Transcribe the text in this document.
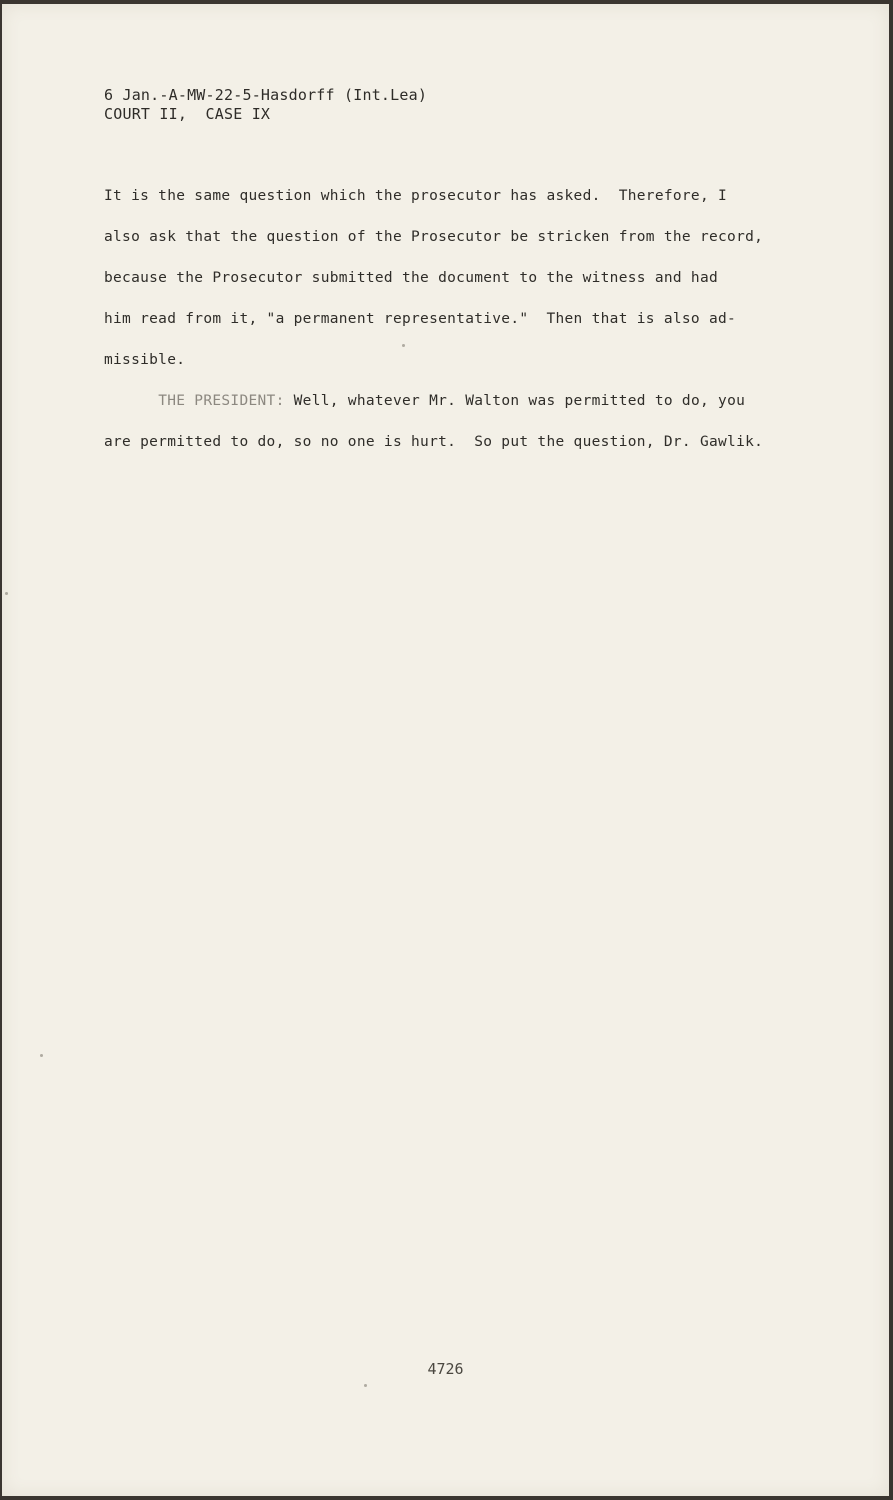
6 Jan.-A-MW-22-5-Hasdorff (Int.Lea)
COURT II,  CASE IX
It is the same question which the prosecutor has asked.  Therefore, I
also ask that the question of the Prosecutor be stricken from the record,
because the Prosecutor submitted the document to the witness and had
him read from it, "a permanent representative."  Then that is also ad-
missible.
THE PRESIDENT: Well, whatever Mr. Walton was permitted to do, you
are permitted to do, so no one is hurt.  So put the question, Dr. Gawlik.
4726
